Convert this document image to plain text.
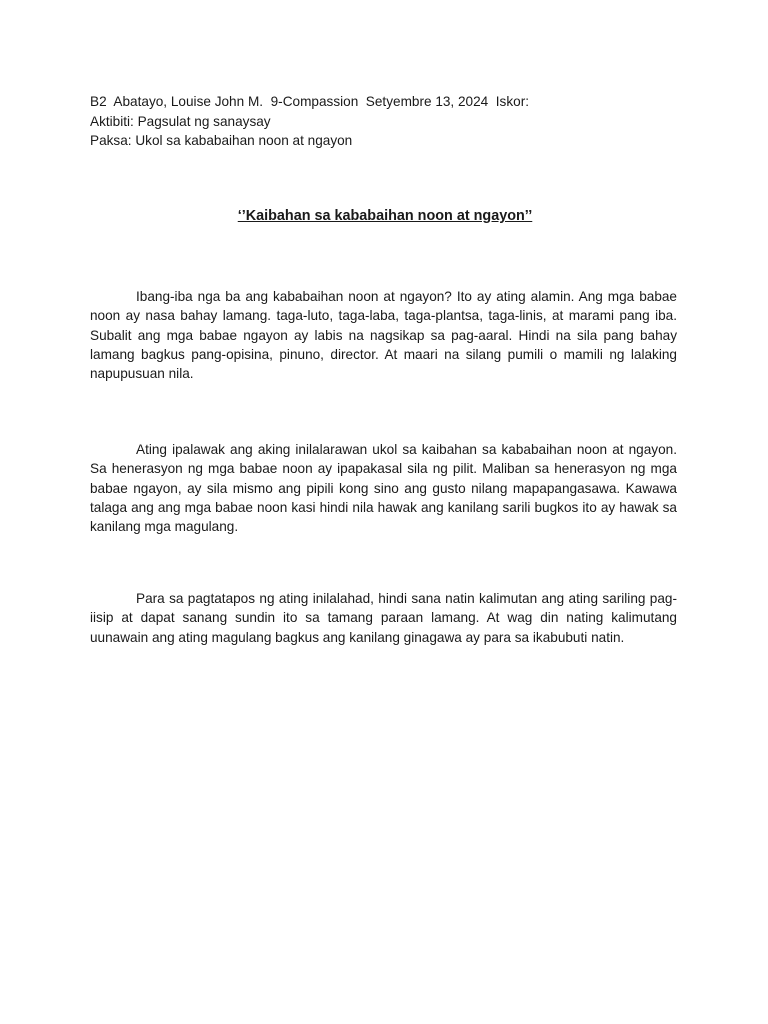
B2  Abatayo, Louise John M.  9-Compassion  Setyembre 13, 2024  Iskor:
Aktibiti: Pagsulat ng sanaysay
Paksa: Ukol sa kababaihan noon at ngayon
‘’Kaibahan sa kababaihan noon at ngayon’’

Ibang-iba nga ba ang kababaihan noon at ngayon? Ito ay ating alamin. Ang mga babae noon ay nasa bahay lamang. taga-luto, taga-laba, taga-plantsa, taga-linis, at marami pang iba. Subalit ang mga babae ngayon ay labis na nagsikap sa pag-aaral. Hindi na sila pang bahay lamang bagkus pang-opisina, pinuno, director. At maari na silang pumili o mamili ng lalaking napupusuan nila.

Ating ipalawak ang aking inilalarawan ukol sa kaibahan sa kababaihan noon at ngayon. Sa henerasyon ng mga babae noon ay ipapakasal sila ng pilit. Maliban sa henerasyon ng mga babae ngayon, ay sila mismo ang pipili kong sino ang gusto nilang mapapangasawa. Kawawa talaga ang ang mga babae noon kasi hindi nila hawak ang kanilang sarili bugkos ito ay hawak sa kanilang mga magulang.

Para sa pagtatapos ng ating inilalahad, hindi sana natin kalimutan ang ating sariling pag-iisip at dapat sanang sundin ito sa tamang paraan lamang. At wag din nating kalimutang uunawain ang ating magulang bagkus ang kanilang ginagawa ay para sa ikabubuti natin.
